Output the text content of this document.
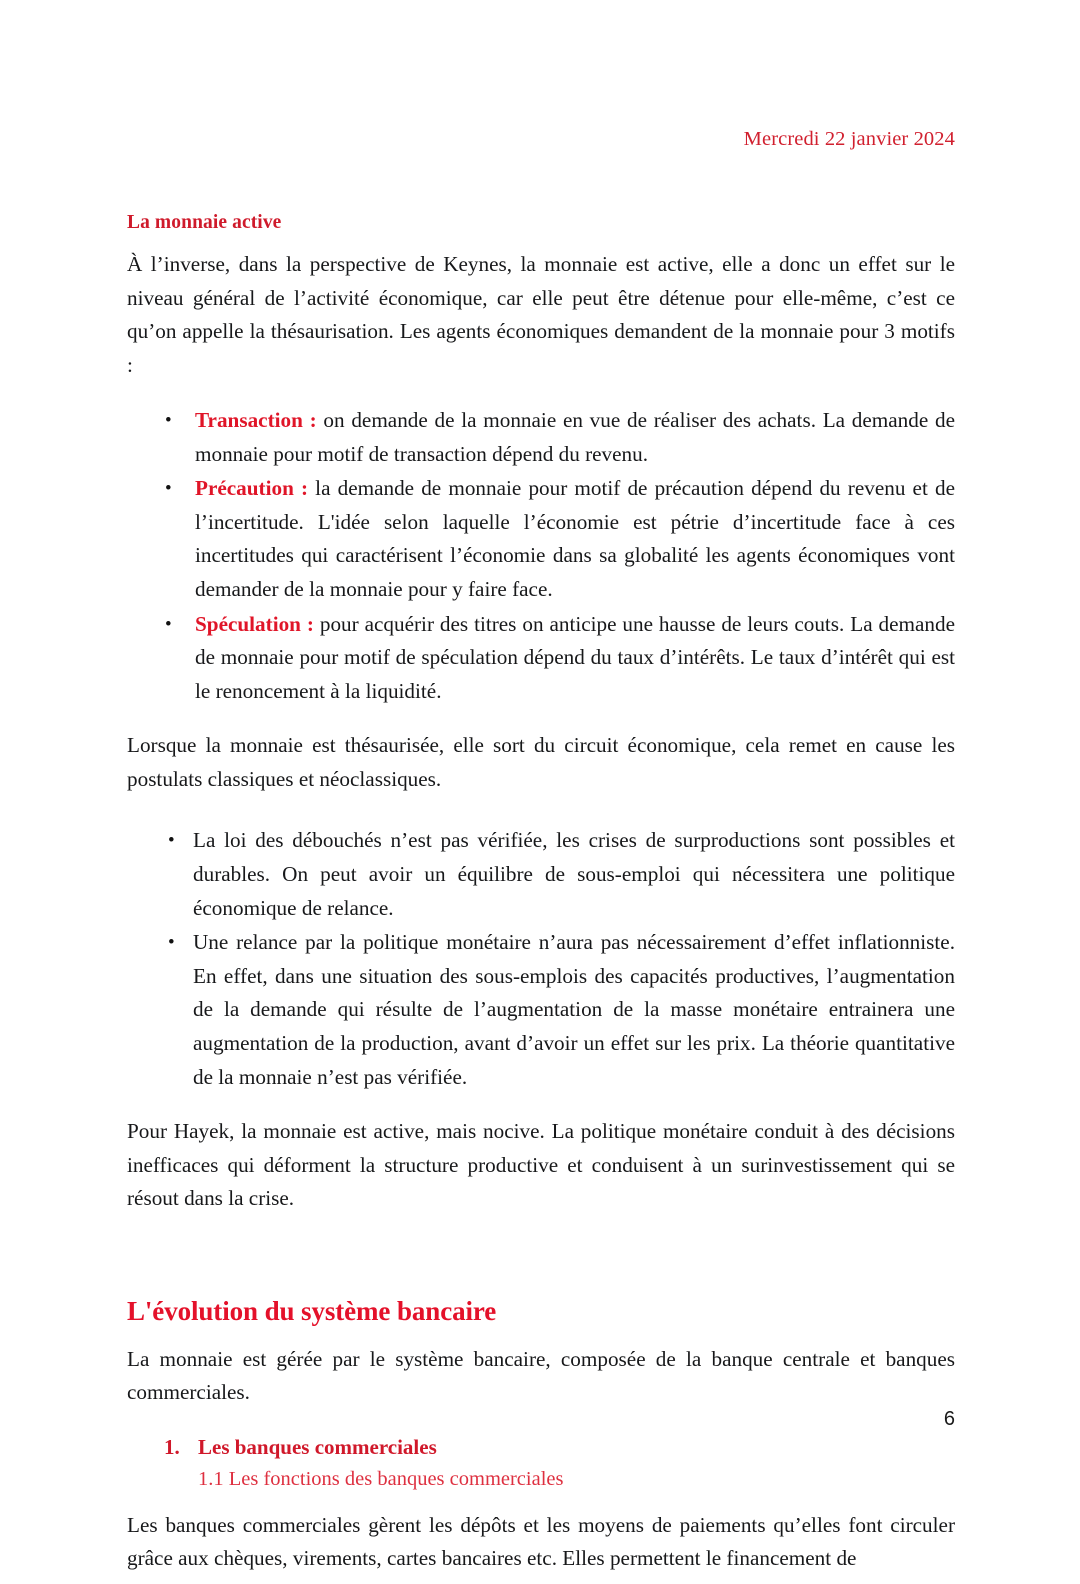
Mercredi 22 janvier 2024
La monnaie active

À l’inverse, dans la perspective de Keynes, la monnaie est active, elle a donc un effet sur le niveau général de l’activité économique, car elle peut être détenue pour elle-même, c’est ce qu’on appelle la thésaurisation. Les agents économiques demandent de la monnaie pour 3 motifs :

• Transaction : on demande de la monnaie en vue de réaliser des achats. La demande de monnaie pour motif de transaction dépend du revenu.
• Précaution : la demande de monnaie pour motif de précaution dépend du revenu et de l’incertitude. L'idée selon laquelle l’économie est pétrie d’incertitude face à ces incertitudes qui caractérisent l’économie dans sa globalité les agents économiques vont demander de la monnaie pour y faire face.
• Spéculation : pour acquérir des titres on anticipe une hausse de leurs couts. La demande de monnaie pour motif de spéculation dépend du taux d’intérêts. Le taux d’intérêt qui est le renoncement à la liquidité.

Lorsque la monnaie est thésaurisée, elle sort du circuit économique, cela remet en cause les postulats classiques et néoclassiques.

• La loi des débouchés n’est pas vérifiée, les crises de surproductions sont possibles et durables. On peut avoir un équilibre de sous-emploi qui nécessitera une politique économique de relance.
• Une relance par la politique monétaire n’aura pas nécessairement d’effet inflationniste. En effet, dans une situation des sous-emplois des capacités productives, l’augmentation de la demande qui résulte de l’augmentation de la masse monétaire entrainera une augmentation de la production, avant d’avoir un effet sur les prix. La théorie quantitative de la monnaie n’est pas vérifiée.

Pour Hayek, la monnaie est active, mais nocive. La politique monétaire conduit à des décisions inefficaces qui déforment la structure productive et conduisent à un surinvestissement qui se résout dans la crise.

L'évolution du système bancaire

La monnaie est gérée par le système bancaire, composée de la banque centrale et banques commerciales.

1. Les banques commerciales
1.1 Les fonctions des banques commerciales

Les banques commerciales gèrent les dépôts et les moyens de paiements qu’elles font circuler grâce aux chèques, virements, cartes bancaires etc. Elles permettent le financement de

6
